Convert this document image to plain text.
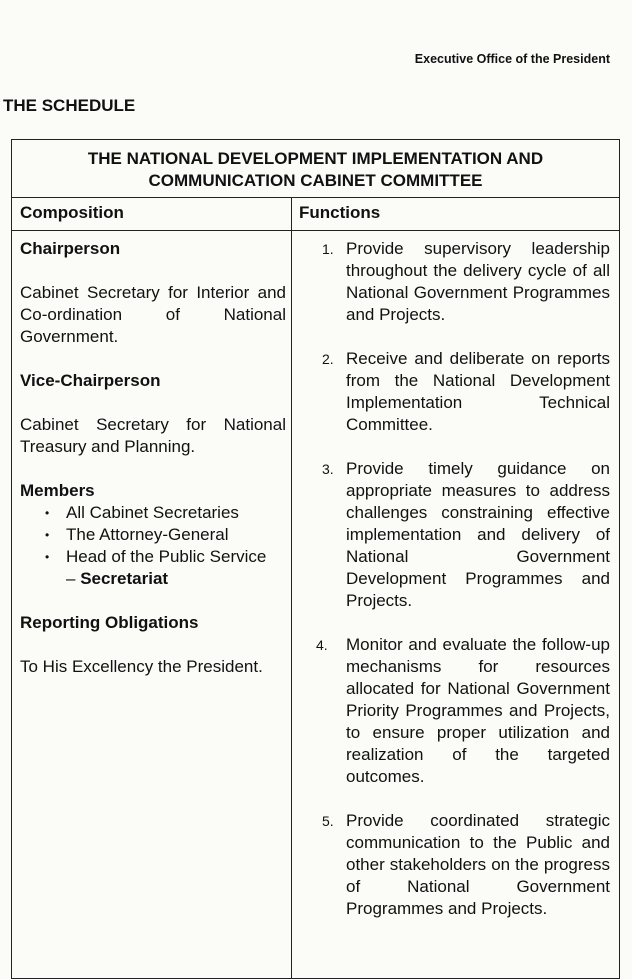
Executive Office of the President
THE SCHEDULE
THE NATIONAL DEVELOPMENT IMPLEMENTATION AND
COMMUNICATION CABINET COMMITTEE
Composition	Functions
Chairperson
Cabinet Secretary for Interior and Co-ordination of National Government.
Vice-Chairperson
Cabinet Secretary for National Treasury and Planning.
Members
• All Cabinet Secretaries
• The Attorney-General
• Head of the Public Service
– Secretariat
Reporting Obligations
To His Excellency the President.
1. Provide supervisory leadership throughout the delivery cycle of all National Government Programmes and Projects.
2. Receive and deliberate on reports from the National Development Implementation Technical Committee.
3. Provide timely guidance on appropriate measures to address challenges constraining effective implementation and delivery of National Government Development Programmes and Projects.
4. Monitor and evaluate the follow-up mechanisms for resources allocated for National Government Priority Programmes and Projects, to ensure proper utilization and realization of the targeted outcomes.
5. Provide coordinated strategic communication to the Public and other stakeholders on the progress of National Government Programmes and Projects.
